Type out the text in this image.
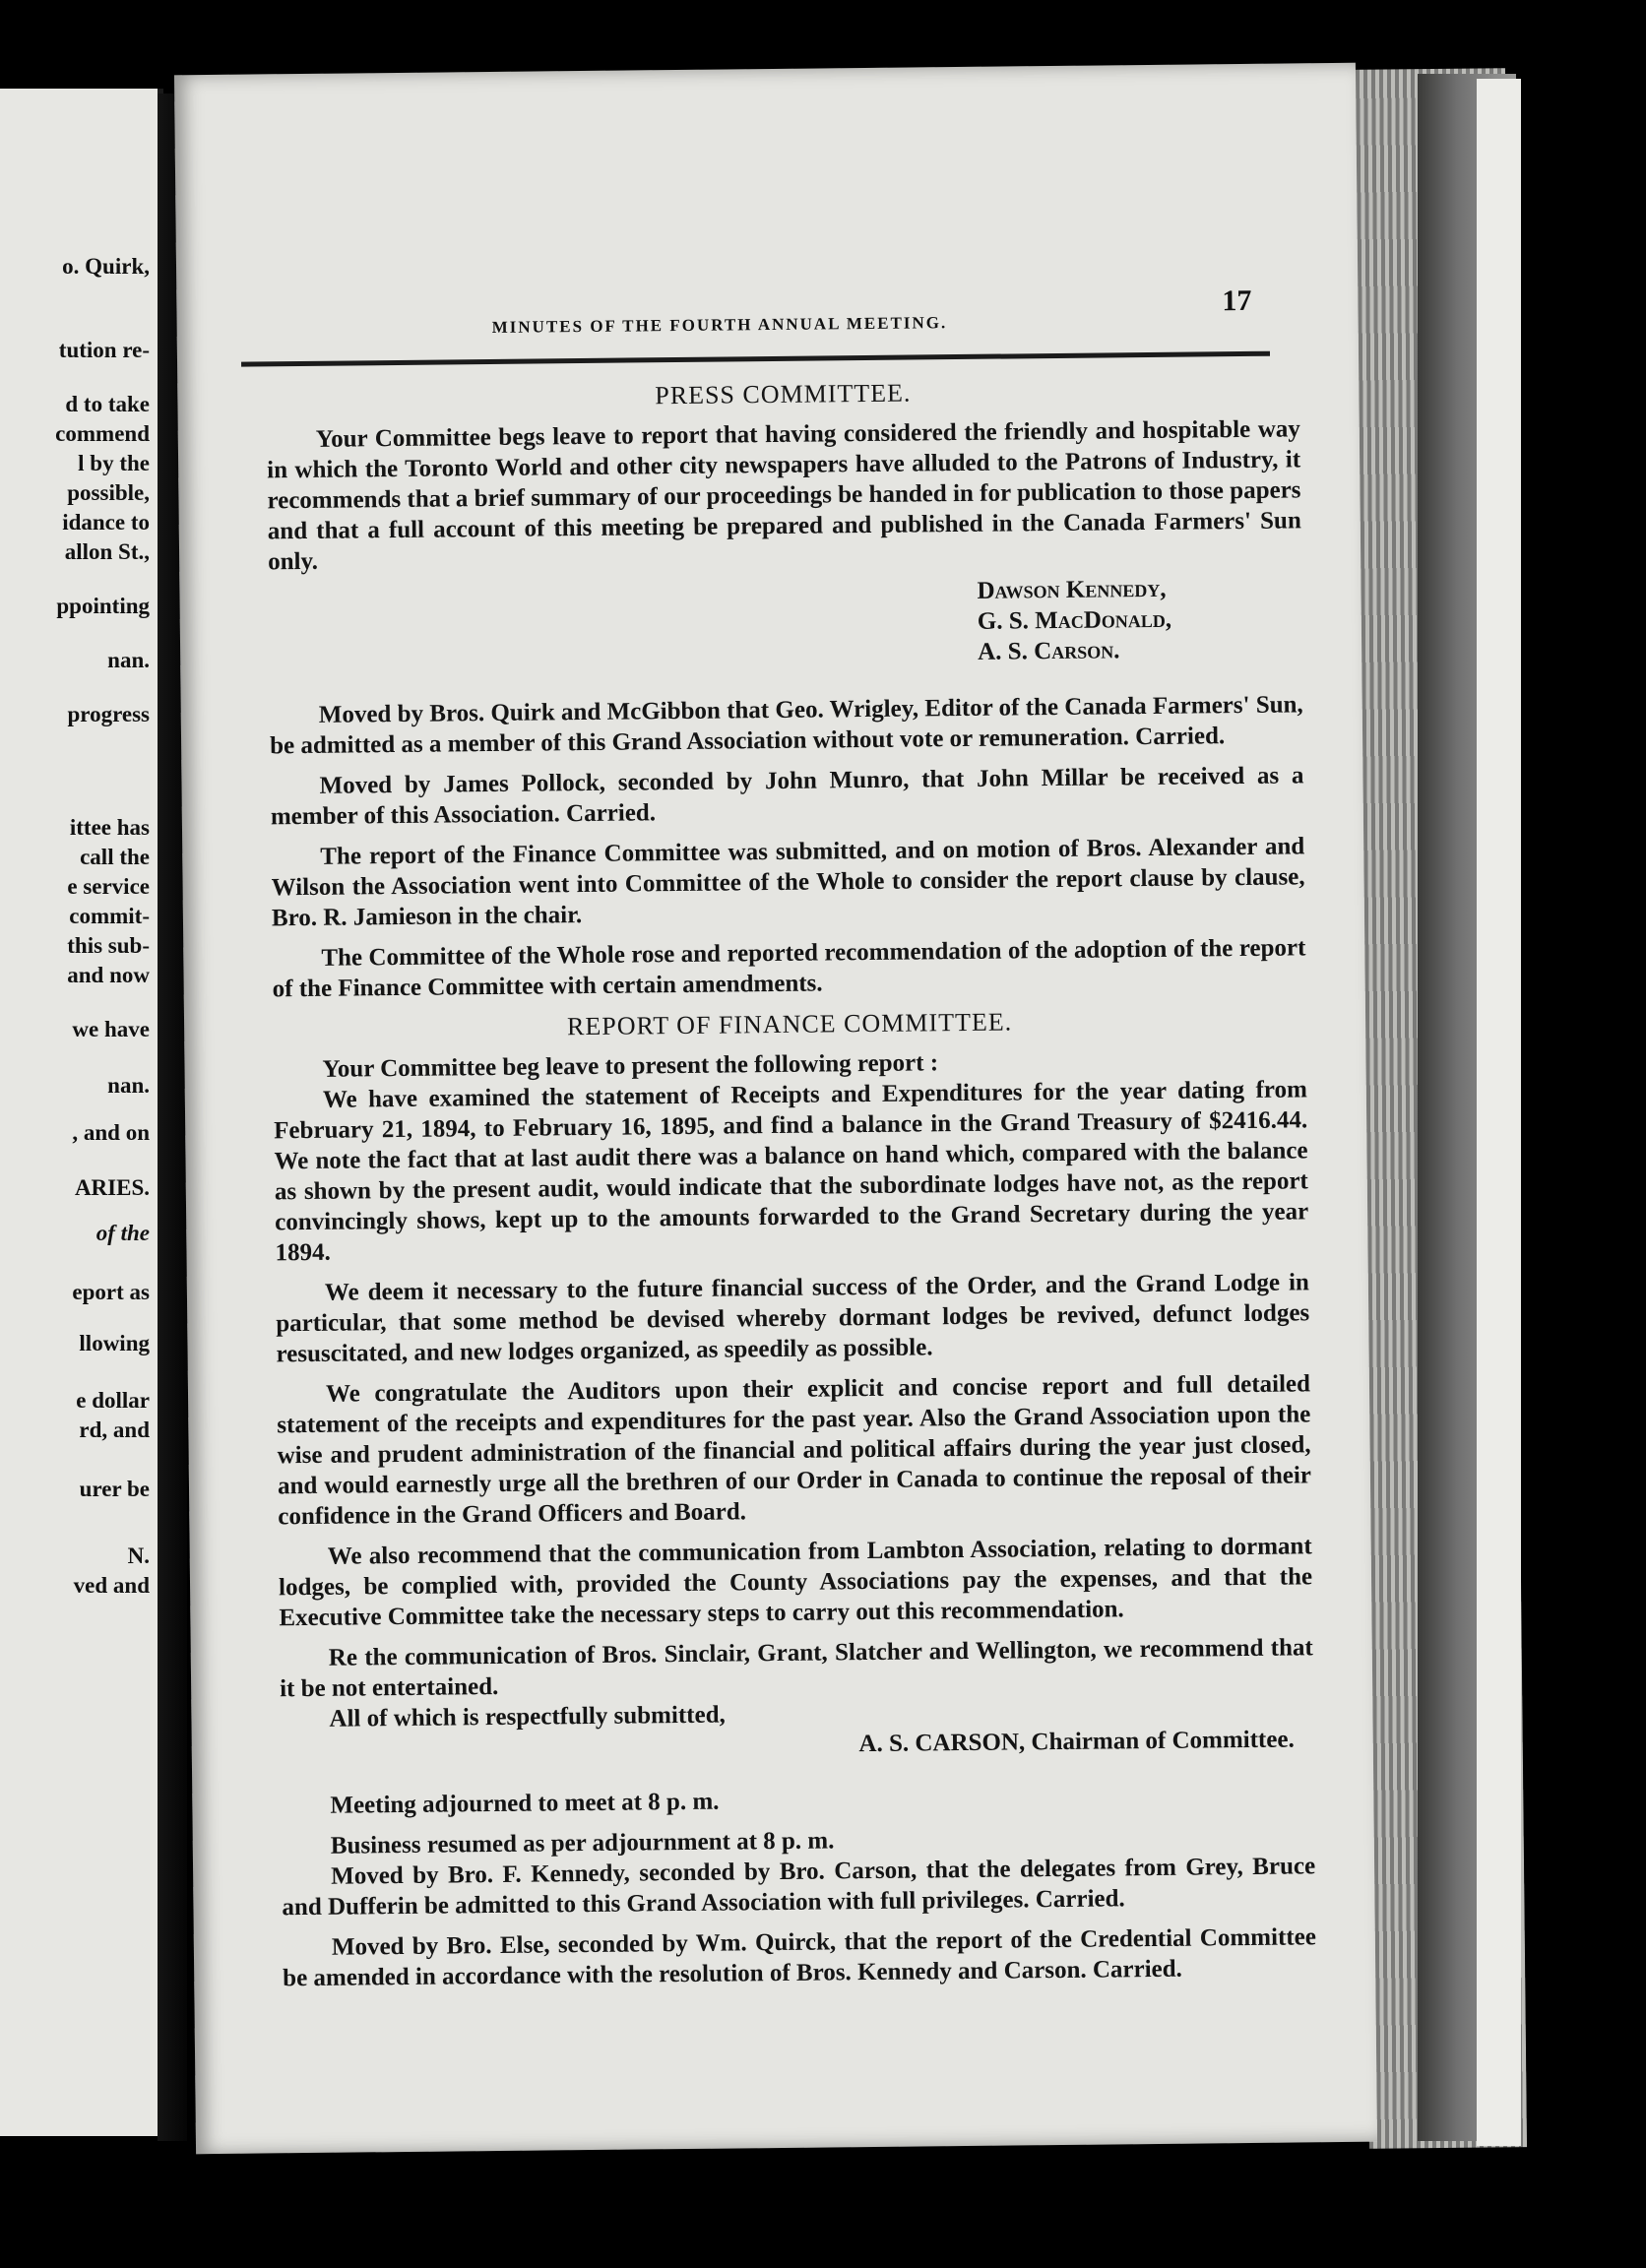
o. Quirk,
tution re-
d to take
commend
l by the
possible,
idance to
allon St.,
ppointing
nan.
progress
ittee has
call the
e service
commit-
this sub-
and now
we have
nan.
, and on
ARIES.
of the
eport as
llowing
e dollar
rd, and
urer be
N.
ved and
MINUTES OF THE FOURTH ANNUAL MEETING.
17
PRESS COMMITTEE.

Your Committee begs leave to report that having considered the friendly and hospitable way in which the Toronto World and other city newspapers have alluded to the Patrons of Industry, it recommends that a brief summary of our proceedings be handed in for publication to those papers and that a full account of this meeting be prepared and published in the Canada Farmers' Sun only.

Dawson Kennedy,
G. S. MacDonald,
A. S. Carson.

Moved by Bros. Quirk and McGibbon that Geo. Wrigley, Editor of the Canada Farmers' Sun, be admitted as a member of this Grand Association without vote or remuneration. Carried.

Moved by James Pollock, seconded by John Munro, that John Millar be received as a member of this Association. Carried.

The report of the Finance Committee was submitted, and on motion of Bros. Alexander and Wilson the Association went into Committee of the Whole to consider the report clause by clause, Bro. R. Jamieson in the chair.

The Committee of the Whole rose and reported recommendation of the adoption of the report of the Finance Committee with certain amendments.

REPORT OF FINANCE COMMITTEE.

Your Committee beg leave to present the following report :

We have examined the statement of Receipts and Expenditures for the year dating from February 21, 1894, to February 16, 1895, and find a balance in the Grand Treasury of $2416.44. We note the fact that at last audit there was a balance on hand which, compared with the balance as shown by the present audit, would indicate that the subordinate lodges have not, as the report convincingly shows, kept up to the amounts forwarded to the Grand Secretary during the year 1894.

We deem it necessary to the future financial success of the Order, and the Grand Lodge in particular, that some method be devised whereby dormant lodges be revived, defunct lodges resuscitated, and new lodges organized, as speedily as possible.

We congratulate the Auditors upon their explicit and concise report and full detailed statement of the receipts and expenditures for the past year. Also the Grand Association upon the wise and prudent administration of the financial and political affairs during the year just closed, and would earnestly urge all the brethren of our Order in Canada to continue the reposal of their confidence in the Grand Officers and Board.

We also recommend that the communication from Lambton Association, relating to dormant lodges, be complied with, provided the County Associations pay the expenses, and that the Executive Committee take the necessary steps to carry out this recommendation.

Re the communication of Bros. Sinclair, Grant, Slatcher and Wellington, we recommend that it be not entertained.

All of which is respectfully submitted,

A. S. CARSON, Chairman of Committee.

Meeting adjourned to meet at 8 p. m.

Business resumed as per adjournment at 8 p. m.

Moved by Bro. F. Kennedy, seconded by Bro. Carson, that the delegates from Grey, Bruce and Dufferin be admitted to this Grand Association with full privileges. Carried.

Moved by Bro. Else, seconded by Wm. Quirck, that the report of the Credential Committee be amended in accordance with the resolution of Bros. Kennedy and Carson. Carried.
